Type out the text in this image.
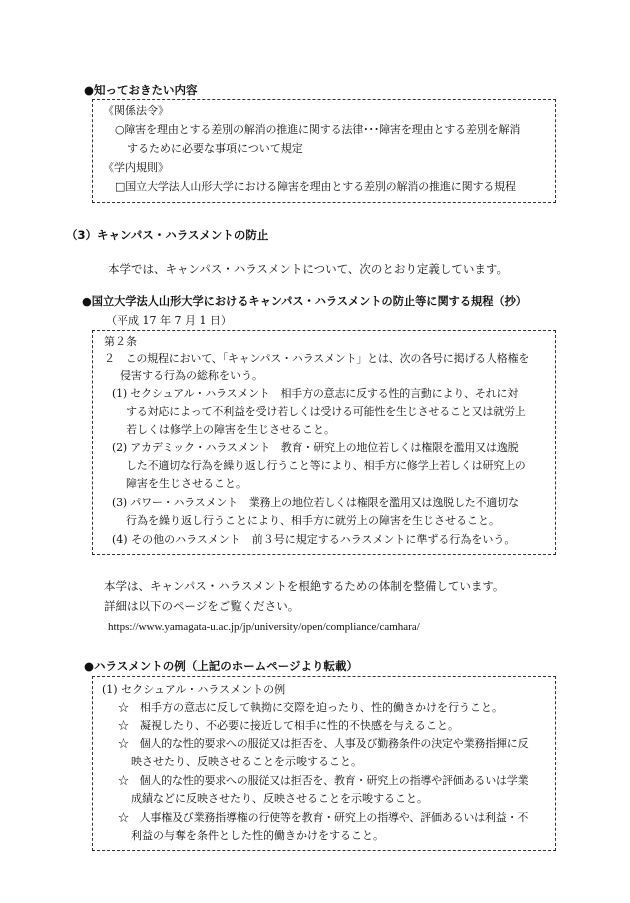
●知っておきたい内容
《関係法令》
○障害を理由とする差別の解消の推進に関する法律･･･障害を理由とする差別を解消
するために必要な事項について規定
《学内規則》
□国立大学法人山形大学における障害を理由とする差別の解消の推進に関する規程
（3）キャンパス・ハラスメントの防止
本学では、キャンパス・ハラスメントについて、次のとおり定義しています。
●国立大学法人山形大学におけるキャンパス・ハラスメントの防止等に関する規程（抄）
（平成 17 年 7 月 1 日）
第２条
２　この規程において、「キャンパス・ハラスメント」とは、次の各号に掲げる人格権を
侵害する行為の総称をいう。
(1) セクシュアル・ハラスメント　相手方の意志に反する性的言動により、それに対
する対応によって不利益を受け若しくは受ける可能性を生じさせること又は就労上
若しくは修学上の障害を生じさせること。
(2) アカデミック・ハラスメント　教育・研究上の地位若しくは権限を濫用又は逸脱
した不適切な行為を繰り返し行うこと等により、相手方に修学上若しくは研究上の
障害を生じさせること。
(3) パワー・ハラスメント　業務上の地位若しくは権限を濫用又は逸脱した不適切な
行為を繰り返し行うことにより、相手方に就労上の障害を生じさせること。
(4) その他のハラスメント　前３号に規定するハラスメントに準ずる行為をいう。
本学は、キャンパス・ハラスメントを根絶するための体制を整備しています。
詳細は以下のページをご覧ください。
https://www.yamagata-u.ac.jp/jp/university/open/compliance/camhara/
●ハラスメントの例（上記のホームページより転載）
(1) セクシュアル・ハラスメントの例
☆　相手方の意志に反して執拗に交際を迫ったり、性的働きかけを行うこと。
☆　凝視したり、不必要に接近して相手に性的不快感を与えること。
☆　個人的な性的要求への服従又は拒否を、人事及び勤務条件の決定や業務指揮に反
映させたり、反映させることを示唆すること。
☆　個人的な性的要求への服従又は拒否を、教育・研究上の指導や評価あるいは学業
成績などに反映させたり、反映させることを示唆すること。
☆　人事権及び業務指導権の行使等を教育・研究上の指導や、評価あるいは利益・不
利益の与奪を条件とした性的働きかけをすること。
